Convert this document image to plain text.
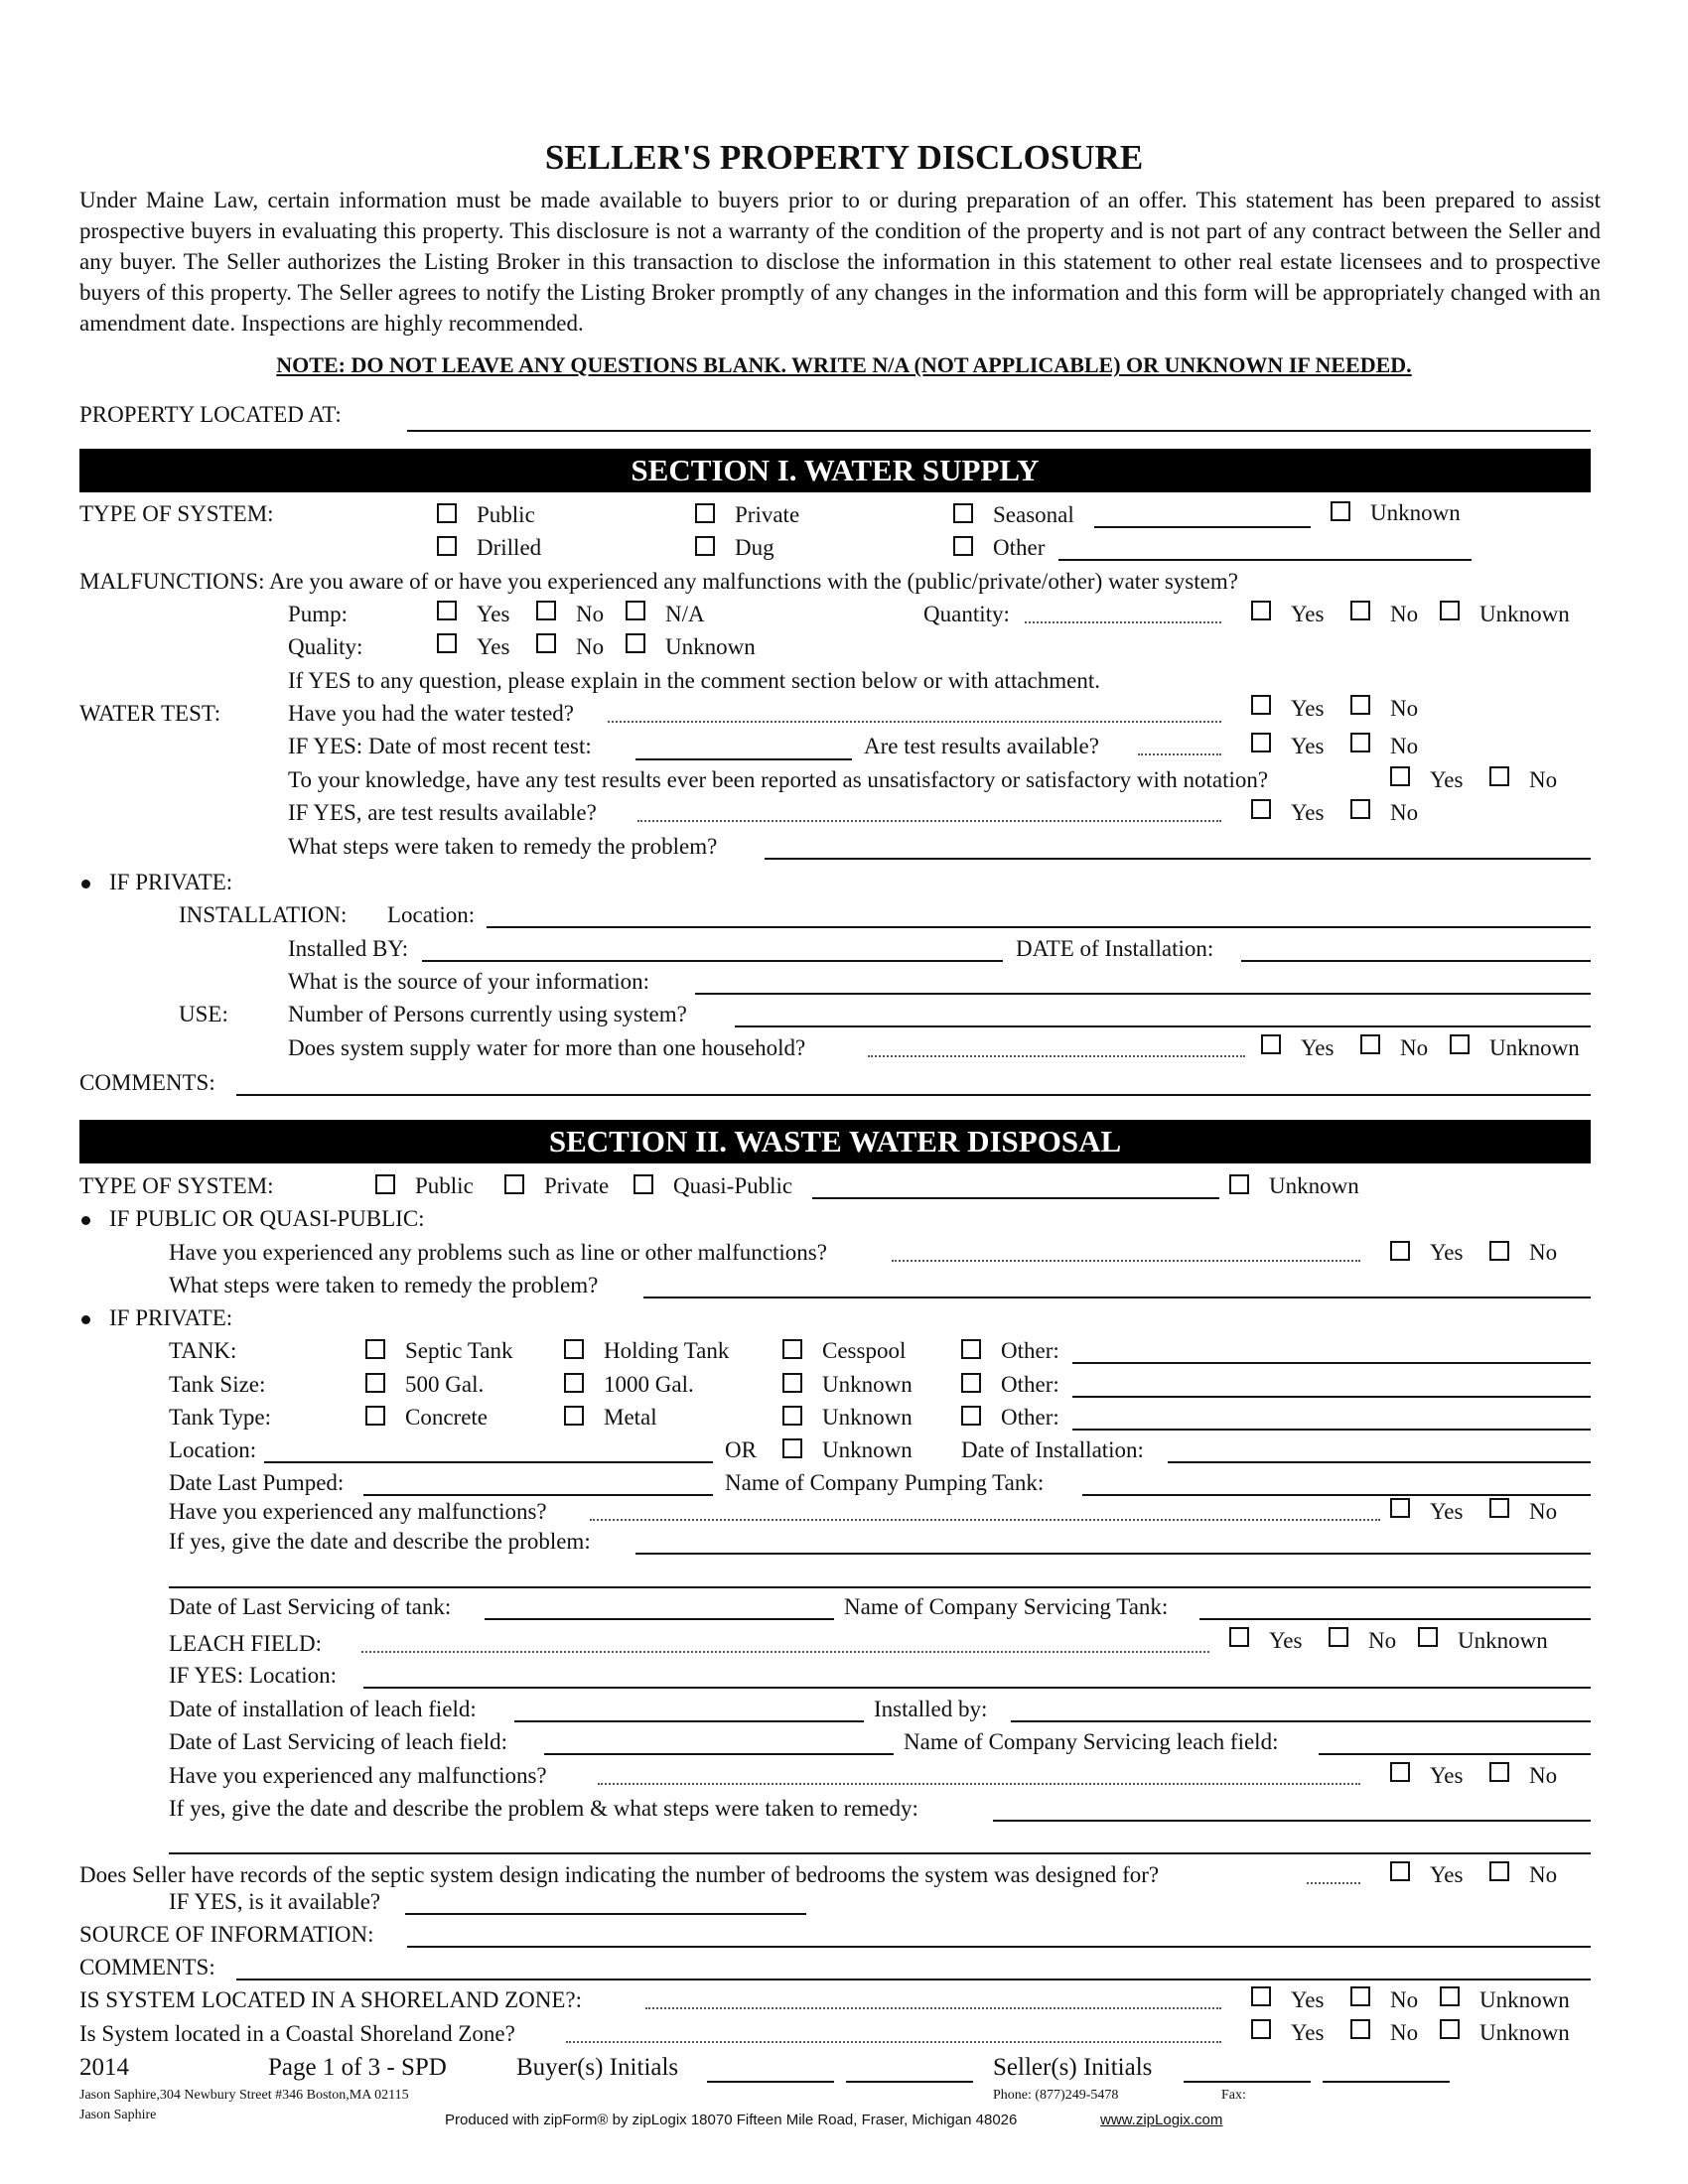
SELLER'S PROPERTY DISCLOSURE
Under Maine Law, certain information must be made available to buyers prior to or during preparation of an offer. This statement has been prepared to assist prospective buyers in evaluating this property. This disclosure is not a warranty of the condition of the property and is not part of any contract between the Seller and any buyer. The Seller authorizes the Listing Broker in this transaction to disclose the information in this statement to other real estate licensees and to prospective buyers of this property. The Seller agrees to notify the Listing Broker promptly of any changes in the information and this form will be appropriately changed with an amendment date. Inspections are highly recommended.
NOTE: DO NOT LEAVE ANY QUESTIONS BLANK. WRITE N/A (NOT APPLICABLE) OR UNKNOWN IF NEEDED.
PROPERTY LOCATED AT:
SECTION I. WATER SUPPLY
TYPE OF SYSTEM:	Public	Private	Seasonal	Unknown
Drilled	Dug	Other
MALFUNCTIONS: Are you aware of or have you experienced any malfunctions with the (public/private/other) water system?
Pump:	Yes	No	N/A	Quantity:	Yes	No	Unknown
Quality:	Yes	No	Unknown
If YES to any question, please explain in the comment section below or with attachment.
WATER TEST:	Have you had the water tested?	Yes	No
IF YES: Date of most recent test:	Are test results available?	Yes	No
To your knowledge, have any test results ever been reported as unsatisfactory or satisfactory with notation?	Yes	No
IF YES, are test results available?	Yes	No
What steps were taken to remedy the problem?
IF PRIVATE:
INSTALLATION: Location:
Installed BY:	DATE of Installation:
What is the source of your information:
USE:	Number of Persons currently using system?
Does system supply water for more than one household?	Yes	No	Unknown
COMMENTS:
SECTION II. WASTE WATER DISPOSAL
TYPE OF SYSTEM:	Public	Private	Quasi-Public	Unknown
IF PUBLIC OR QUASI-PUBLIC:
Have you experienced any problems such as line or other malfunctions?	Yes	No
What steps were taken to remedy the problem?
IF PRIVATE:
TANK:	Septic Tank	Holding Tank	Cesspool	Other:
Tank Size:	500 Gal.	1000 Gal.	Unknown	Other:
Tank Type:	Concrete	Metal	Unknown	Other:
Location:	OR	Unknown Date of Installation:
Date Last Pumped:	Name of Company Pumping Tank:
Have you experienced any malfunctions?	Yes	No
If yes, give the date and describe the problem:
Date of Last Servicing of tank:	Name of Company Servicing Tank:
LEACH FIELD:	Yes	No	Unknown
IF YES: Location:
Date of installation of leach field:	Installed by:
Date of Last Servicing of leach field:	Name of Company Servicing leach field:
Have you experienced any malfunctions?	Yes	No
If yes, give the date and describe the problem & what steps were taken to remedy:
Does Seller have records of the septic system design indicating the number of bedrooms the system was designed for?	Yes	No
IF YES, is it available?
SOURCE OF INFORMATION:
COMMENTS:
IS SYSTEM LOCATED IN A SHORELAND ZONE?:	Yes	No	Unknown
Is System located in a Coastal Shoreland Zone?	Yes	No	Unknown
2014	Page 1 of 3 - SPD	Buyer(s) Initials	Seller(s) Initials
Jason Saphire,304 Newbury Street #346 Boston,MA 02115
Jason Saphire
Phone: (877)249-5478	Fax:
Produced with zipForm® by zipLogix 18070 Fifteen Mile Road, Fraser, Michigan 48026	www.zipLogix.com
